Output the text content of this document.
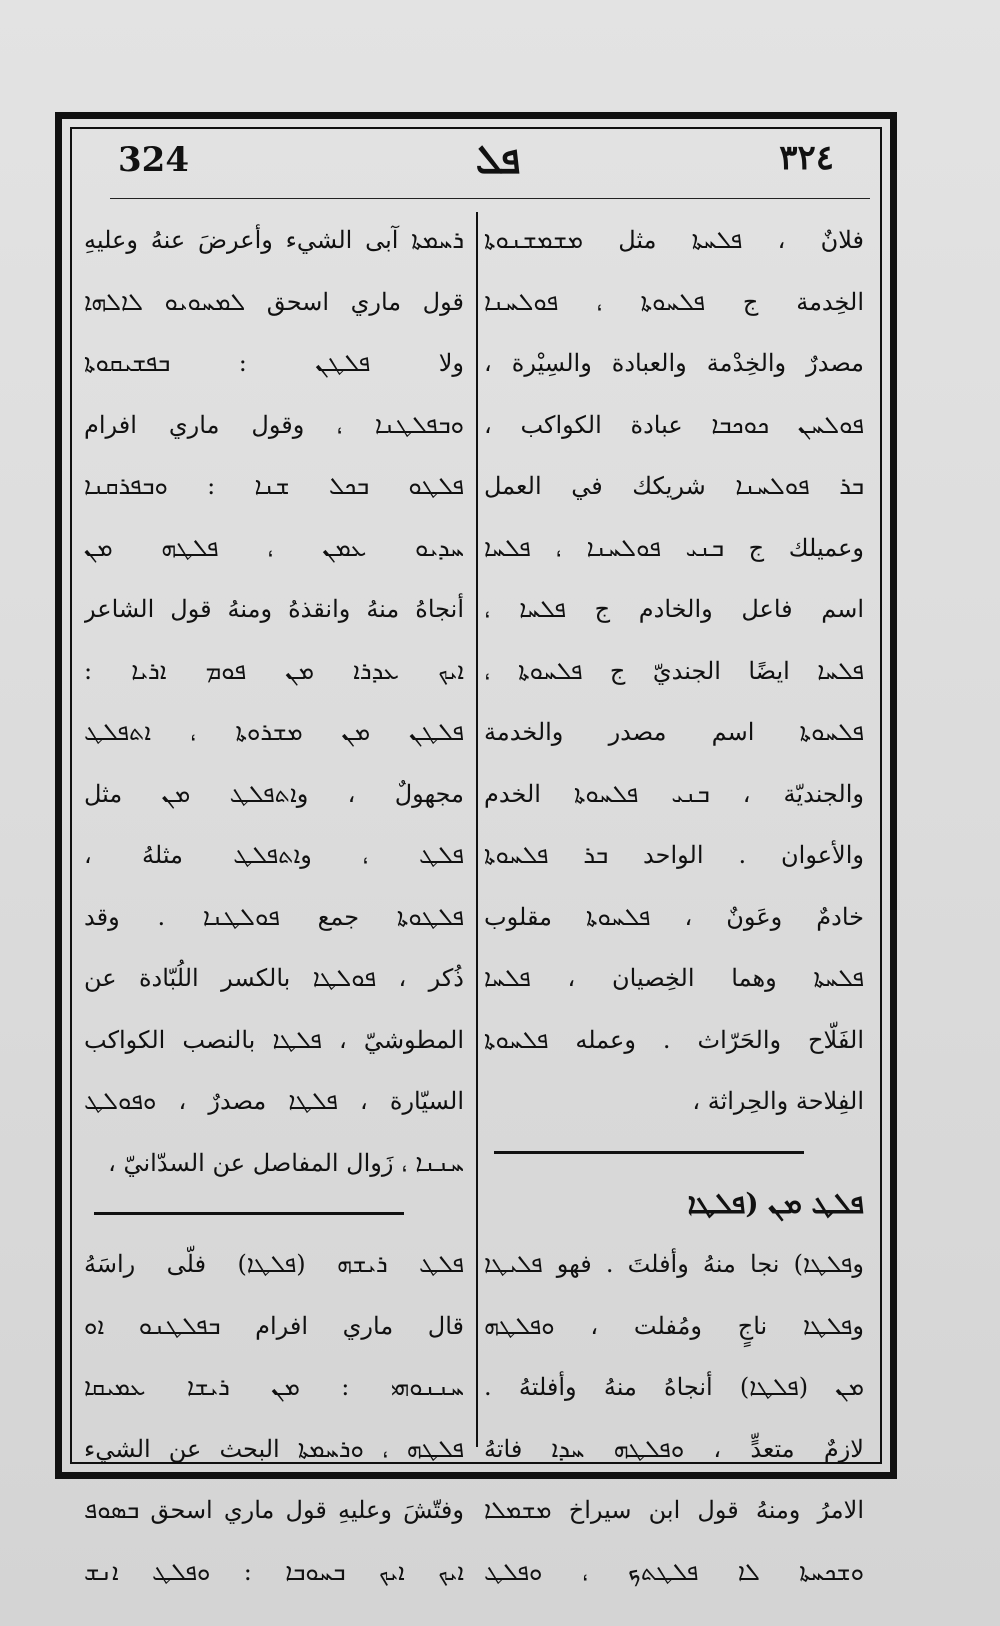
324	ܦܠ	٣٢٤
فلانٌ ، ܦܠܚܬܐ مثل ܡܫܡܫܢܘܬܐ
الخِدمة ج ܦܠܚܘܬܐ ، ܦܘܠܚܢܐ
مصدرٌ والخِدْمة والعبادة والسِيْرة ،
ܦܘܠܚܢ ܟܘܟܒܐ عبادة الكواكب ،
ܒܪ ܦܘܠܚܢܐ شريكك في العمل
وعميلك ج ܒܢܝ ܦܘܠܚܢܐ ، ܦܠܚܐ
اسم فاعل والخادم ج ܦܠܚܐ ،
ܦܠܚܐ ايضًا الجنديّ ج ܦܠܚܘܬܐ ،
ܦܠܚܘܬܐ اسم مصدر والخدمة
والجنديّة ، ܒܢܝ ܦܠܚܘܬܐ الخدم
والأعوان . الواحد ܒܪ ܦܠܚܘܬܐ
خادمٌ وعَونٌ ، ܦܠܚܘܬܐ مقلوب
ܦܠܚܬܐ وهما الخِصيان ، ܦܠܚܐ
الفَلّاح والحَرّاث . وعمله ܦܠܚܘܬܐ
الفِلاحة والحِراثة ،
ܦܠܛ ܡܢ (ܦܠܛܐ
وܦܠܛܐ) نجا منهُ وأفلتَ . فهو ܦܠܝܛܐ
وܦܠܛܐ ناجٍ ومُفلت ، ܘܦܠܛܗ
ܡܢ (ܦܠܛܐ) أنجاهُ منهُ وأفلتهُ .
لازمٌ متعدٍّ ، ܘܦܠܛܗ ܚܕܐ فاتهُ
الامرُ ومنهُ قول ابن سيراخ ܡܫܡܠܐ
ܘܫܟܚܬܐ ܠܐ ܦܠܛܬܟ ، ܘܦܠܛ
ܪܚܡܬܐ آبى الشيء وأعرضَ عنهُ وعليهِ
قول ماري اسحق ܠܡܚܘܝܘ ܠܐܠܗܐ
ولا ܦܠܛܢ : ܒܦܫܝܩܘܬܐ
ܘܒܦܠܛܢܐ ، وقول ماري افرام
ܦܠܛܘ ܒܟܠ ܫܢܐ : ܘܒܦܪܩܢܐ
ܚܕܝܘ ܥܡܢ ، ܦܠܛܗ ܡܢ
أنجاهُ منهُ وانقذهُ ومنهُ قول الشاعر
ܐܝܟ ܥܕܪܐ ܡܢ ܦܘܡ ܐܪܝܐ :
ܦܠܛܢ ܡܢ ܡܫܪܘܬܐ ، ܐܬܦܠܛ
مجهولٌ ، وܐܬܦܠܛ ܡܢ مثل
ܦܠܛ ، وܐܬܦܠܛ مثلهُ ،
ܦܠܛܘܬܐ جمع ܦܘܠܛܢܐ . وقد
ذُكر ، ܦܘܠܛܐ بالكسر اللُبّادة عن
المطوشيّ ، ܦܠܛܐ بالنصب الكواكب
السيّارة ، ܦܠܛܐ مصدرٌ ، ܘܦܘܠܛ
ܚܢܢܐ ، زَوال المفاصل عن السدّانيّ ،
ܦܠܛ ܪܝܫܗ (ܦܠܛܐ) فلّى راسَهُ
قال ماري افرام ܒܦܠܛܢܘ ܐܘ
ܚܢܢܘܗܝ : ܡܢ ܪܝܫܐ ܥܡܝܩܐ
ܦܠܛܗ ، ܘܪܚܡܬܐ البحث عن الشيء
وفتّشَ وعليهِ قول ماري اسحق ܒܣܘܦ
ܐܝܟ ܐܝܟ ܒܚܘܒܐ : ܘܦܠܛ ܐܢܫ
